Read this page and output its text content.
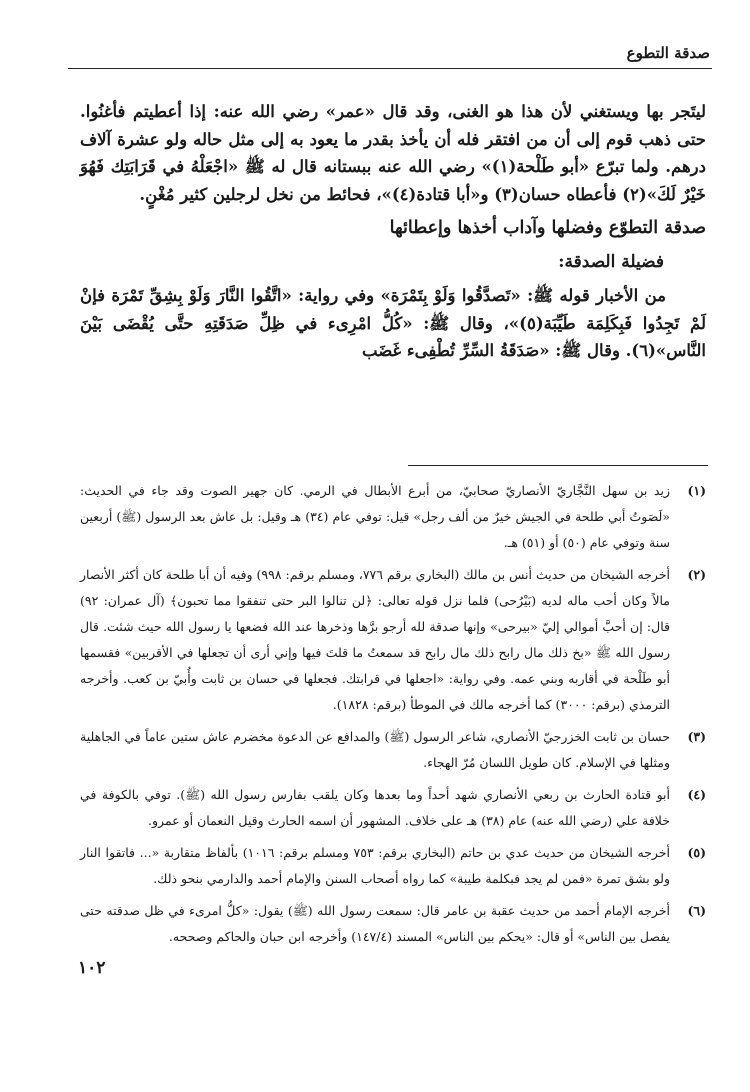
صدقة التطوع

ليتَجر بها ويستغني لأن هذا هو الغنى، وقد قال «عمر» رضي الله عنه: إذا أعطيتم فأغنُوا. حتى ذهب قوم إلى أن من افتقر فله أن يأخذ بقدر ما يعود به إلى مثل حاله ولو عشرة آلاف درهم. ولما تبرّع «أبو طَلْحة(١)» رضي الله عنه ببستانه قال له ﷺ «اجْعَلْهُ في قَرَابَتِك فَهُوَ خَيْرٌ لَكَ»(٢) فأعطاه حسان(٣) و«أبا قتادة(٤)»، فحائط من نخل لرجلين كثير مُغْنٍ.

صدقة التطوّع وفضلها وآداب أخذها وإعطائها
فضيلة الصدقة:

من الأخبار قوله ﷺ: «تَصدَّقُوا وَلَوْ بِتَمْرَة» وفي رواية: «اتَّقُوا النَّارَ وَلَوْ بِشِقِّ تَمْرَة فإنْ لَمْ تَجِدُوا فَبِكَلِمَة طَيِّبَة(٥)»، وقال ﷺ: «كُلُّ امْرِىء في ظِلِّ صَدَقَتِهِ حتَّى يُقْضَى بَيْنَ النَّاس»(٦). وقال ﷺ: «صَدَقَةُ السِّرِّ تُطْفِىء غَضَب

(١)
زيد بن سهل النَّجَّاريّ الأنصاريّ صحابيّ، من أبرع الأبطال في الرمي. كان جهير الصوت وقد جاء في الحديث: «لَصَوتُ أبي طلحة في الجيش خيرٌ من ألف رجل» قيل: توفي عام (٣٤) هـ وقيل: بل عاش بعد الرسول (ﷺ) أربعين سنة وتوفي عام (٥٠) أو (٥١) هـ.
(٢)
أخرجه الشيخان من حديث أنس بن مالك (البخاري برقم ٧٧٦، ومسلم برقم: ٩٩٨) وفيه أن أبا طلحة كان أكثر الأنصار مالاً وكان أحب ماله لديه (بَيْرُحى) فلما نزل قوله تعالى: ﴿لن تنالوا البر حتى تنفقوا مما تحبون﴾ (آل عمران: ٩٢) قال: إن أحبَّ أموالي إليّ «بيرحى» وإنها صدقة لله أرجو برَّها وذخرها عند الله فضعها يا رسول الله حيث شئت. قال رسول الله ﷺ «بخ ذلك مال رابح ذلك مال رابح قد سمعتُ ما قلتَ فيها وإني أرى أن تجعلها في الأقربين» فقسمها أبو طَلْحة في أقاربه وبني عمه. وفي رواية: «اجعلها في قرابتك. فجعلها في حسان بن ثابت وأُبيّ بن كعب. وأخرجه الترمذي (برقم: ٣٠٠٠) كما أخرجه مالك في الموطأ (برقم: ١٨٢٨).
(٣)
حسان بن ثابت الخزرجيّ الأنصاري، شاعر الرسول (ﷺ) والمدافع عن الدعوة مخضرم عاش ستين عاماً في الجاهلية ومثلها في الإسلام. كان طويل اللسان مُرّ الهجاء.
(٤)
أبو قتادة الحارث بن ربعي الأنصاري شهد أحداً وما بعدها وكان يلقب بفارس رسول الله (ﷺ). توفي بالكوفة في خلافة علي (رضي الله عنه) عام (٣٨) هـ على خلاف. المشهور أن اسمه الحارث وقيل النعمان أو عمرو.
(٥)
أخرجه الشيخان من حديث عدي بن حاتم (البخاري برقم: ٧٥٣ ومسلم برقم: ١٠١٦) بألفاظ متقاربة «... فاتقوا النار ولو بشق تمرة «فمن لم يجد فبكلمة طيبة» كما رواه أصحاب السنن والإمام أحمد والدارمي بنحو ذلك.
(٦)
أخرجه الإمام أحمد من حديث عقبة بن عامر قال: سمعت رسول الله (ﷺ) يقول: «كلُّ امرىء في ظل صدقته حتى يفصل بين الناس» أو قال: «يحكم بين الناس» المسند (١٤٧/٤) وأخرجه ابن حبان والحاكم وصححه.
١٠٢
